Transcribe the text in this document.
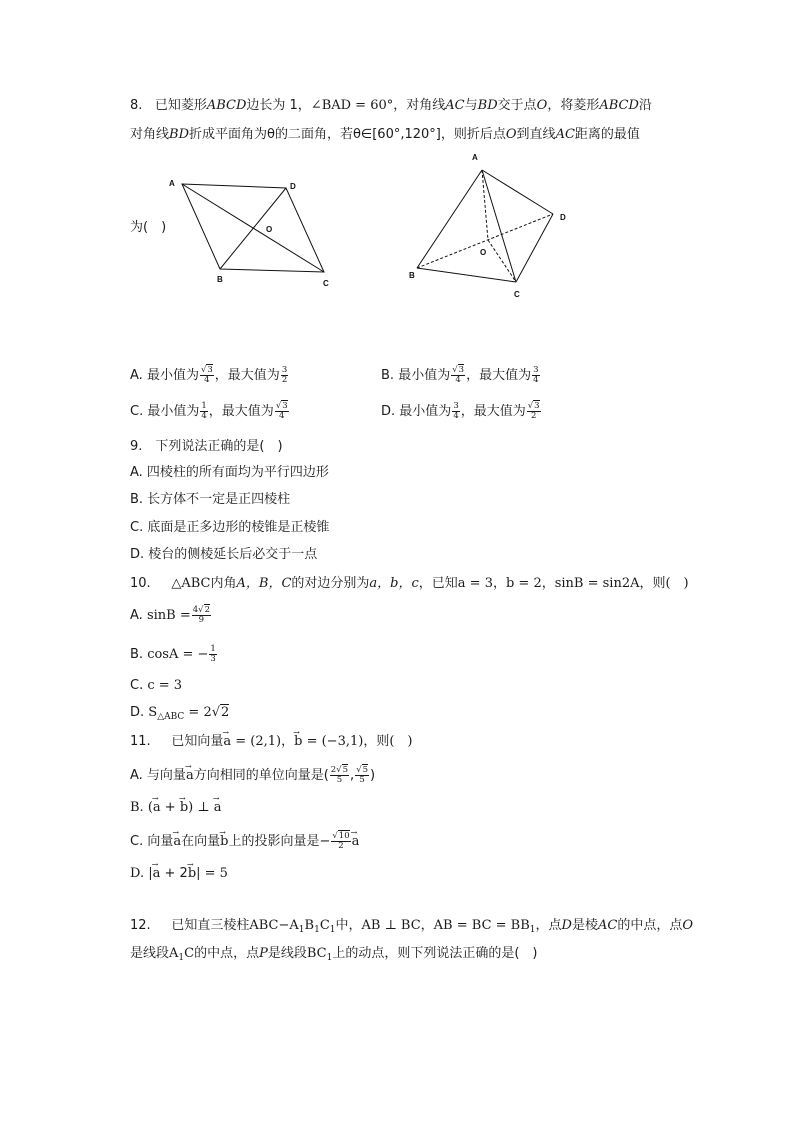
8. 已知菱形ABCD边长为 1，∠BAD = 60°，对角线AC与BD交于点O，将菱形ABCD沿
对角线BD折成平面角为θ的二面角，若θ∈[60°,120°]，则折后点O到直线AC距离的最值
为(　)
A	D
O
B	C
A
D
O
B
C
A. 最小值为 $\frac{√3}{4}$ ，最大值为 $\frac{3}{2}$	B. 最小值为 $\frac{√3}{4}$ ，最大值为 $\frac{3}{4}$
C. 最小值为 $\frac{1}{4}$ ，最大值为 $\frac{√3}{4}$	D. 最小值为 $\frac{3}{4}$ ，最大值为 $\frac{√3}{2}$
9.　下列说法正确的是(　)
A. 四棱柱的所有面均为平行四边形
B. 长方体不一定是正四棱柱
C. 底面是正多边形的棱锥是正棱锥
D. 棱台的侧棱延长后必交于一点
10. △ABC内角A，B，C的对边分别为a，b，c，已知a = 3，b = 2，sinB = sin2A，则(　)
A. $\sin B = \frac{4√2}{9}$
B. cosA = − $\frac{1}{3}$
C. c = 3
D. $S_{\triangle ABC} = 2√2$
11. 已知向量→ a = (2,1)，→ b = (−3,1)，则(　)
A. 与向量→ a方向相同的单位向量是( $\frac{2√5}{5}$ , $\frac{√5}{5}$ )
B. (→ a + → b) ⊥ → a
C. 向量→ a在向量→ b上的投影向量是− $\frac{√10}{2}$
→ a
D. |→ a + 2→ b| = 5
12. 已知直三棱柱$ABC-A_1B_1C_1$中，AB ⊥ BC，AB = BC = $BB_1$，点D是棱AC的中点，点O
是线段$A_1C$的中点，点P是线段$BC_1$上的动点，则下列说法正确的是(　)
